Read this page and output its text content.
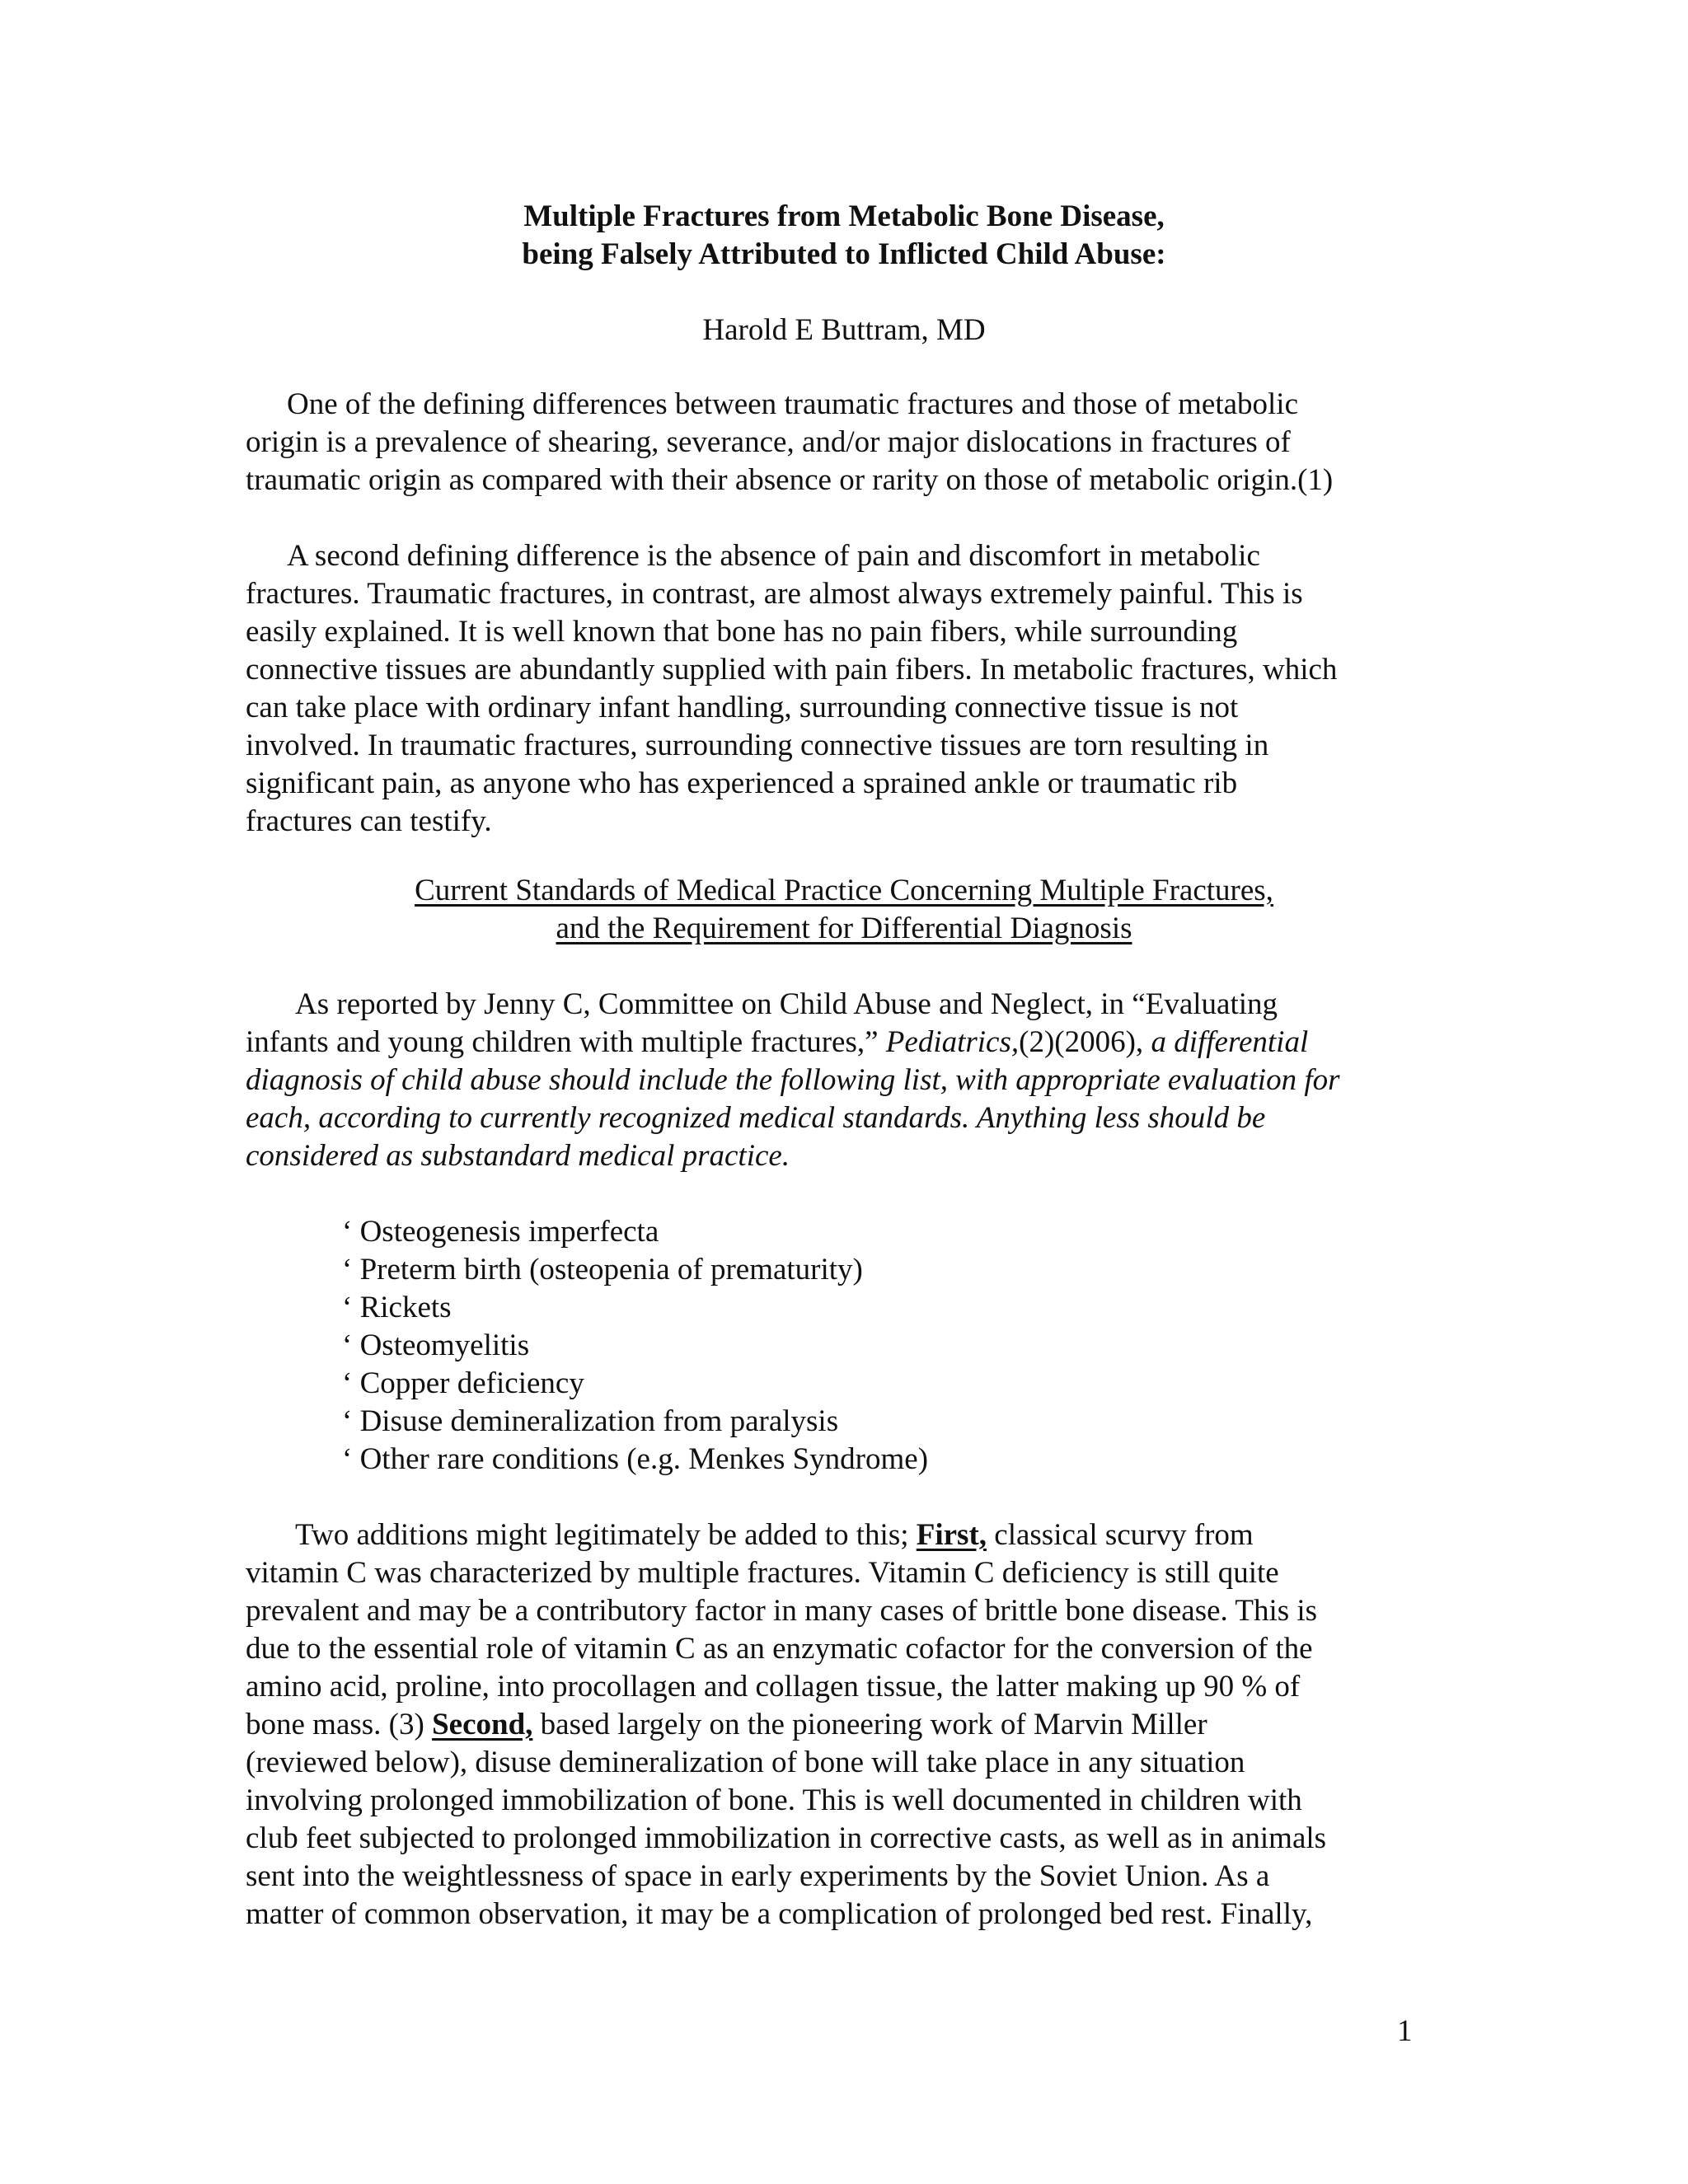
Multiple Fractures from Metabolic Bone Disease,
being Falsely Attributed to Inflicted Child Abuse:
Harold E Buttram, MD
One of the defining differences between traumatic fractures and those of metabolic
origin is a prevalence of shearing, severance, and/or major dislocations in fractures of
traumatic origin as compared with their absence or rarity on those of metabolic origin.(1)
A second defining difference is the absence of pain and discomfort in metabolic
fractures. Traumatic fractures, in contrast, are almost always extremely painful. This is
easily explained. It is well known that bone has no pain fibers, while surrounding
connective tissues are abundantly supplied with pain fibers. In metabolic fractures, which
can take place with ordinary infant handling, surrounding connective tissue is not
involved. In traumatic fractures, surrounding connective tissues are torn resulting in
significant pain, as anyone who has experienced a sprained ankle or traumatic rib
fractures can testify.
Current Standards of Medical Practice Concerning Multiple Fractures,
and the Requirement for Differential Diagnosis
As reported by Jenny C, Committee on Child Abuse and Neglect, in “Evaluating
infants and young children with multiple fractures,” Pediatrics,(2)(2006), a differential
diagnosis of child abuse should include the following list, with appropriate evaluation for
each, according to currently recognized medical standards. Anything less should be
considered as substandard medical practice.
‘ Osteogenesis imperfecta
‘ Preterm birth (osteopenia of prematurity)
‘ Rickets
‘ Osteomyelitis
‘ Copper deficiency
‘ Disuse demineralization from paralysis
‘ Other rare conditions (e.g. Menkes Syndrome)
Two additions might legitimately be added to this; First, classical scurvy from
vitamin C was characterized by multiple fractures. Vitamin C deficiency is still quite
prevalent and may be a contributory factor in many cases of brittle bone disease. This is
due to the essential role of vitamin C as an enzymatic cofactor for the conversion of the
amino acid, proline, into procollagen and collagen tissue, the latter making up 90 % of
bone mass. (3) Second, based largely on the pioneering work of Marvin Miller
(reviewed below), disuse demineralization of bone will take place in any situation
involving prolonged immobilization of bone. This is well documented in children with
club feet subjected to prolonged immobilization in corrective casts, as well as in animals
sent into the weightlessness of space in early experiments by the Soviet Union. As a
matter of common observation, it may be a complication of prolonged bed rest. Finally,
1
